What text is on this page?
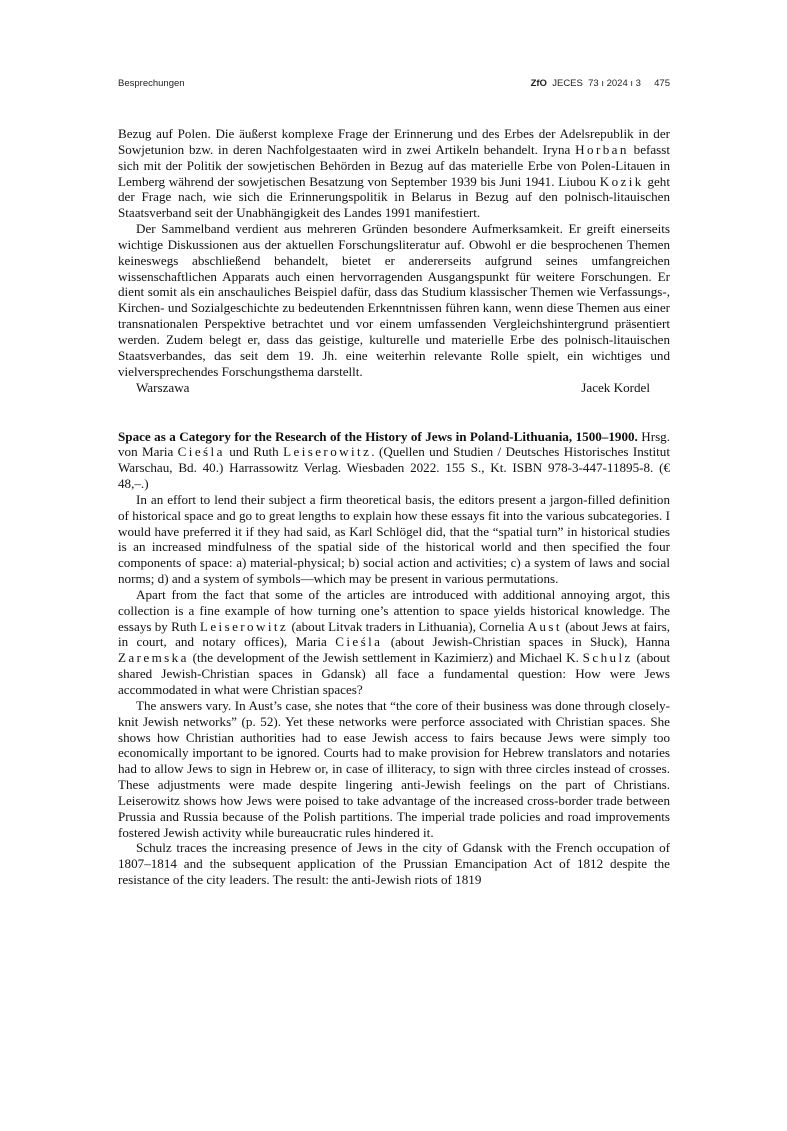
Besprechungen	ZfO  JECES  73 ı 2024 ı 3     475

Bezug auf Polen. Die äußerst komplexe Frage der Erinnerung und des Erbes der Adelsrepublik in der Sowjetunion bzw. in deren Nachfolgestaaten wird in zwei Artikeln behandelt. Iryna Horban befasst sich mit der Politik der sowjetischen Behörden in Bezug auf das materielle Erbe von Polen-Litauen in Lemberg während der sowjetischen Besatzung von September 1939 bis Juni 1941. Liubou Kozik geht der Frage nach, wie sich die Erinnerungspolitik in Belarus in Bezug auf den polnisch-litauischen Staatsverband seit der Unabhängigkeit des Landes 1991 manifestiert.

Der Sammelband verdient aus mehreren Gründen besondere Aufmerksamkeit. Er greift einerseits wichtige Diskussionen aus der aktuellen Forschungsliteratur auf. Obwohl er die besprochenen Themen keineswegs abschließend behandelt, bietet er andererseits aufgrund seines umfangreichen wissenschaftlichen Apparats auch einen hervorragenden Ausgangspunkt für weitere Forschungen. Er dient somit als ein anschauliches Beispiel dafür, dass das Studium klassischer Themen wie Verfassungs-, Kirchen- und Sozialgeschichte zu bedeutenden Erkenntnissen führen kann, wenn diese Themen aus einer transnationalen Perspektive betrachtet und vor einem umfassenden Vergleichshintergrund präsentiert werden. Zudem belegt er, dass das geistige, kulturelle und materielle Erbe des polnisch-litauischen Staatsverbandes, das seit dem 19. Jh. eine weiterhin relevante Rolle spielt, ein wichtiges und vielversprechendes Forschungsthema darstellt.

Warszawa	Jacek Kordel

Space as a Category for the Research of the History of Jews in Poland-Lithuania, 1500–1900. Hrsg. von Maria Cieśla und Ruth Leiserowitz. (Quellen und Studien / Deutsches Historisches Institut Warschau, Bd. 40.) Harrassowitz Verlag. Wiesbaden 2022. 155 S., Kt. ISBN 978-3-447-11895-8. (€ 48,–.)

In an effort to lend their subject a firm theoretical basis, the editors present a jargon-filled definition of historical space and go to great lengths to explain how these essays fit into the various subcategories. I would have preferred it if they had said, as Karl Schlögel did, that the “spatial turn” in historical studies is an increased mindfulness of the spatial side of the historical world and then specified the four components of space: a) material-physical; b) social action and activities; c) a system of laws and social norms; d) and a system of symbols—which may be present in various permutations.

Apart from the fact that some of the articles are introduced with additional annoying argot, this collection is a fine example of how turning one’s attention to space yields historical knowledge. The essays by Ruth Leiserowitz (about Litvak traders in Lithuania), Cornelia Aust (about Jews at fairs, in court, and notary offices), Maria Cieśla (about Jewish-Christian spaces in Słuck), Hanna Zaremska (the development of the Jewish settlement in Kazimierz) and Michael K. Schulz (about shared Jewish-Christian spaces in Gdansk) all face a fundamental question: How were Jews accommodated in what were Christian spaces?

The answers vary. In Aust’s case, she notes that “the core of their business was done through closely-knit Jewish networks” (p. 52). Yet these networks were perforce associated with Christian spaces. She shows how Christian authorities had to ease Jewish access to fairs because Jews were simply too economically important to be ignored. Courts had to make provision for Hebrew translators and notaries had to allow Jews to sign in Hebrew or, in case of illiteracy, to sign with three circles instead of crosses. These adjustments were made despite lingering anti-Jewish feelings on the part of Christians. Leiserowitz shows how Jews were poised to take advantage of the increased cross-border trade between Prussia and Russia because of the Polish partitions. The imperial trade policies and road improvements fostered Jewish activity while bureaucratic rules hindered it.

Schulz traces the increasing presence of Jews in the city of Gdansk with the French occupation of 1807–1814 and the subsequent application of the Prussian Emancipation Act of 1812 despite the resistance of the city leaders. The result: the anti-Jewish riots of 1819
